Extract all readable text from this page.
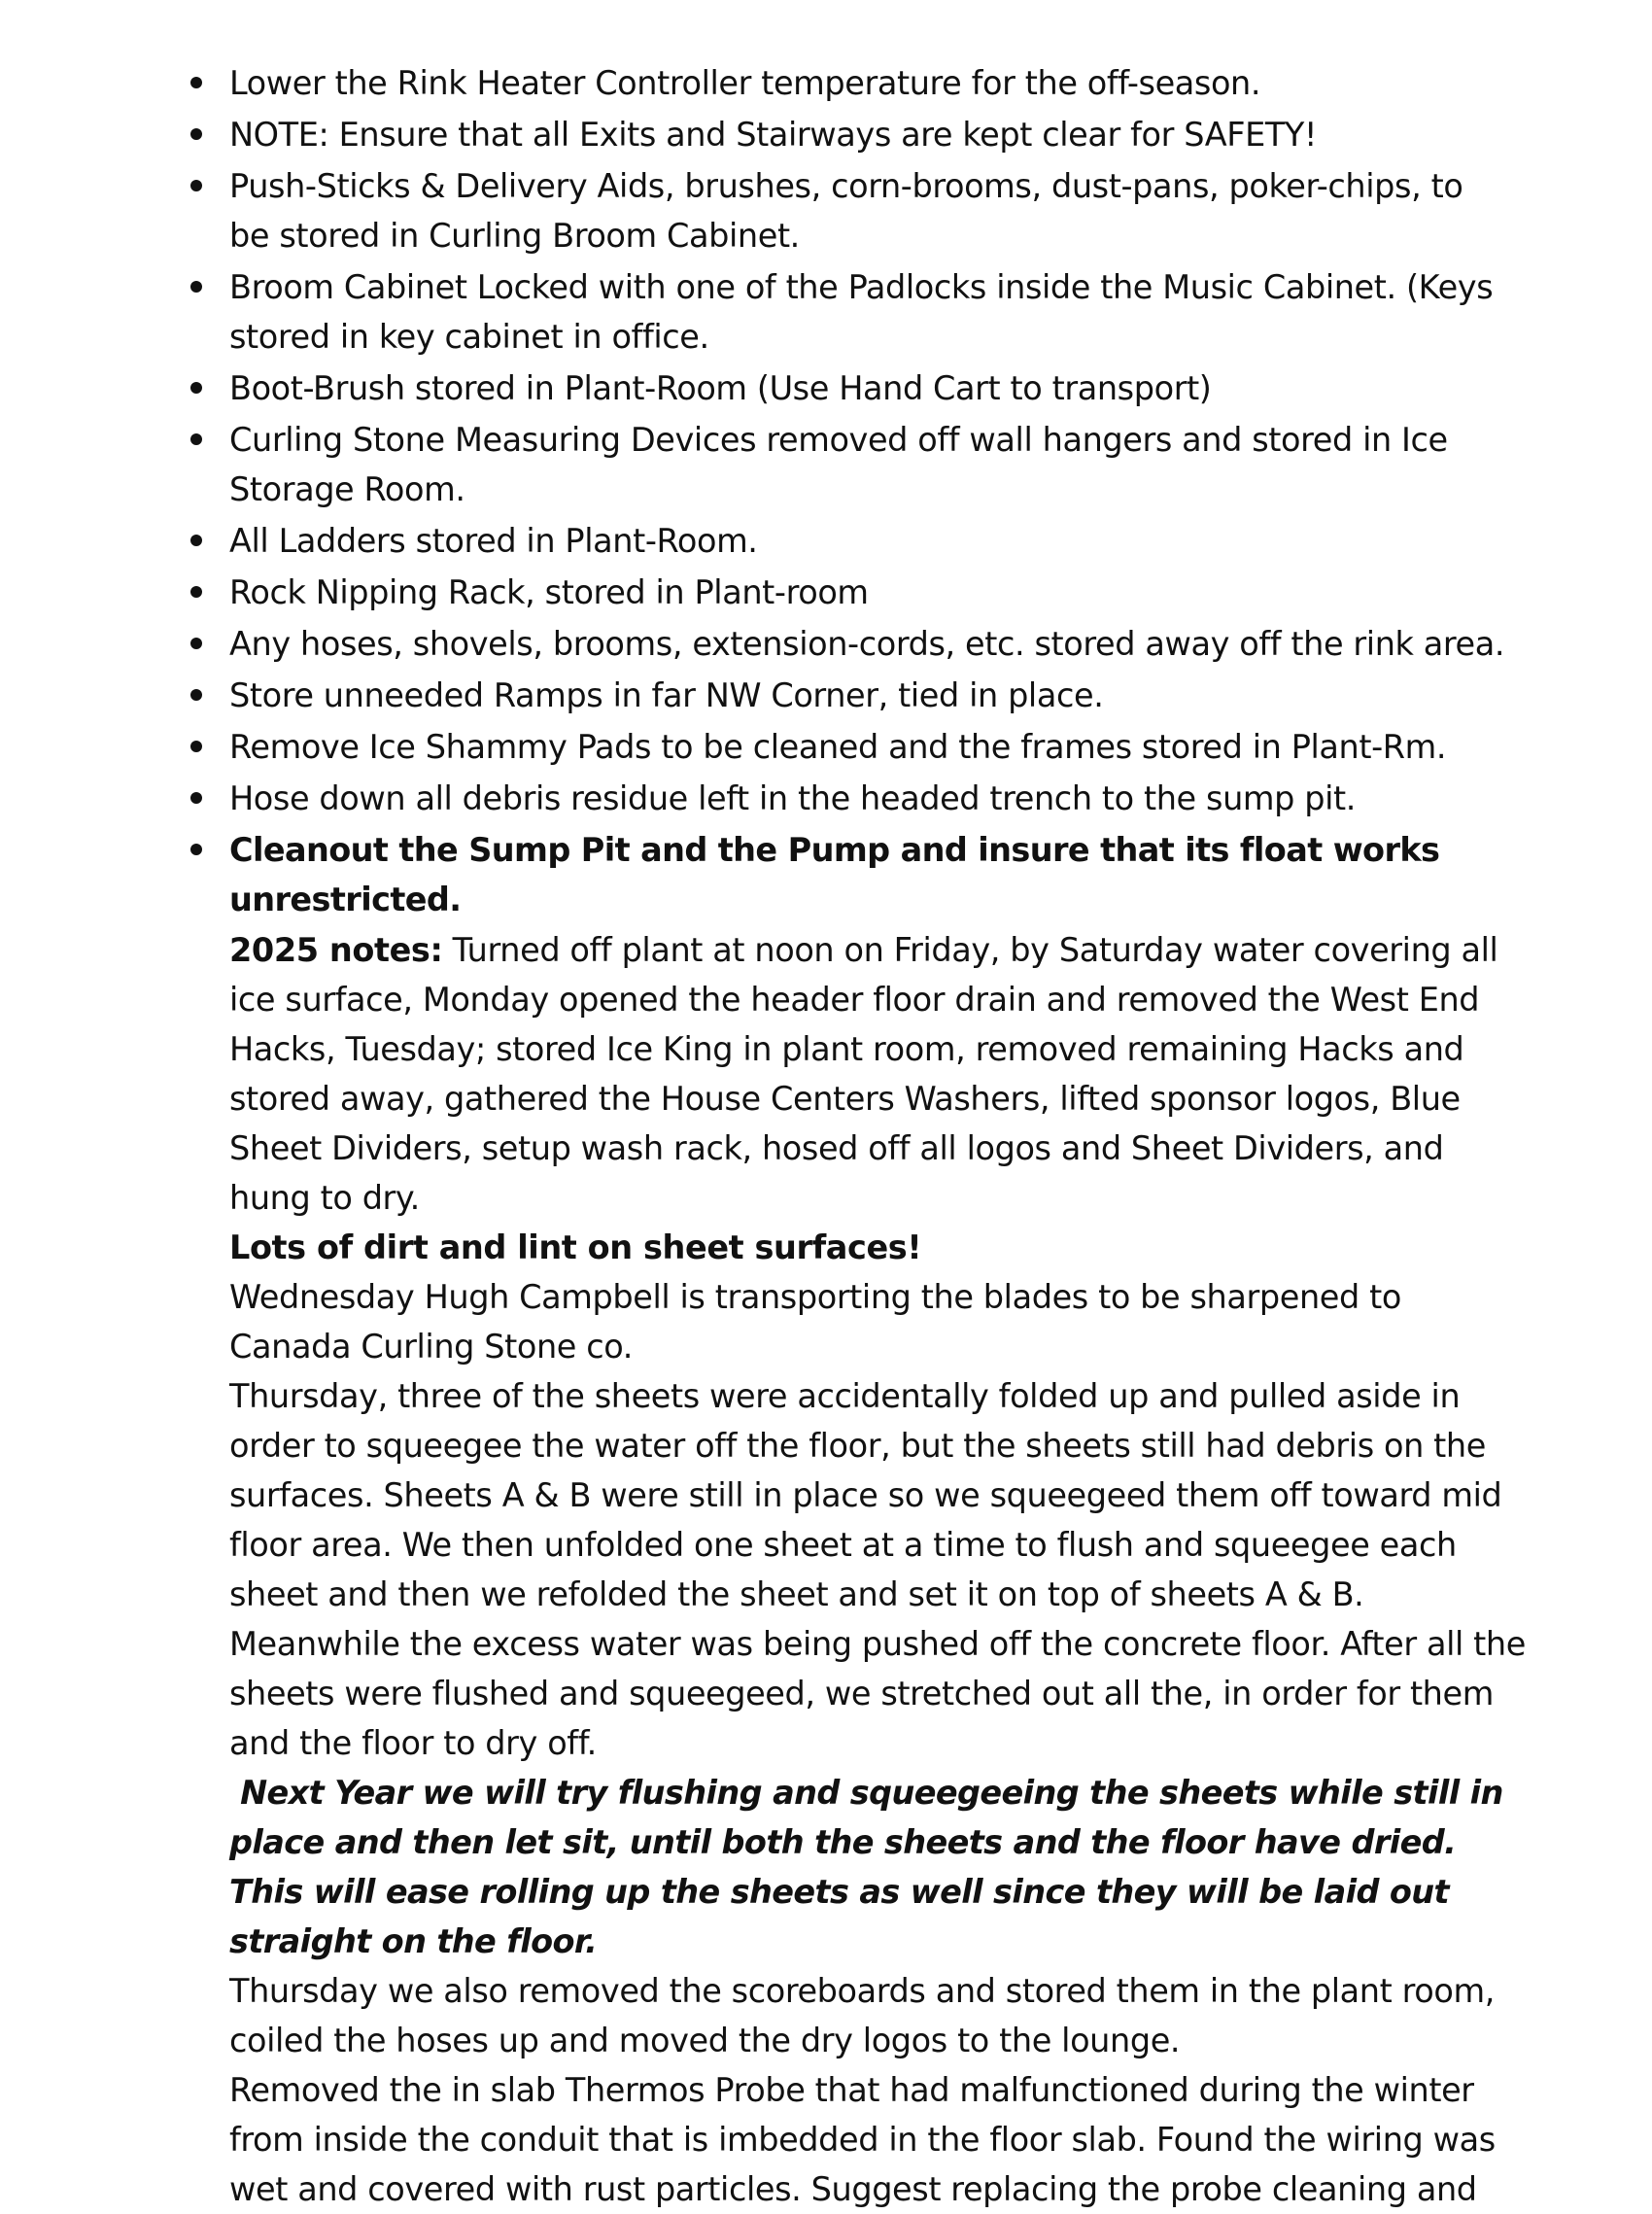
Lower the Rink Heater Controller temperature for the off-season.
NOTE: Ensure that all Exits and Stairways are kept clear for SAFETY!
Push-Sticks & Delivery Aids, brushes, corn-brooms, dust-pans, poker-chips, to be stored in Curling Broom Cabinet.
Broom Cabinet Locked with one of the Padlocks inside the Music Cabinet. (Keys stored in key cabinet in office.
Boot-Brush stored in Plant-Room (Use Hand Cart to transport)
Curling Stone Measuring Devices removed off wall hangers and stored in Ice Storage Room.
All Ladders stored in Plant-Room.
Rock Nipping Rack, stored in Plant-room
Any hoses, shovels, brooms, extension-cords, etc. stored away off the rink area.
Store unneeded Ramps in far NW Corner, tied in place.
Remove Ice Shammy Pads to be cleaned and the frames stored in Plant-Rm.
Hose down all debris residue left in the headed trench to the sump pit.
Cleanout the Sump Pit and the Pump and insure that its float works unrestricted.

2025 notes: Turned off plant at noon on Friday, by Saturday water covering all ice surface, Monday opened the header floor drain and removed the West End Hacks, Tuesday; stored Ice King in plant room, removed remaining Hacks and stored away, gathered the House Centers Washers, lifted sponsor logos, Blue Sheet Dividers, setup wash rack, hosed off all logos and Sheet Dividers, and hung to dry.

Lots of dirt and lint on sheet surfaces!

Wednesday Hugh Campbell is transporting the blades to be sharpened to Canada Curling Stone co.

Thursday, three of the sheets were accidentally folded up and pulled aside in order to squeegee the water off the floor, but the sheets still had debris on the surfaces. Sheets A & B were still in place so we squeegeed them off toward mid floor area. We then unfolded one sheet at a time to flush and squeegee each sheet and then we refolded the sheet and set it on top of sheets A & B. Meanwhile the excess water was being pushed off the concrete floor. After all the sheets were flushed and squeegeed, we stretched out all the, in order for them and the floor to dry off.

Next Year we will try flushing and squeegeeing the sheets while still in place and then let sit, until both the sheets and the floor have dried. This will ease rolling up the sheets as well since they will be laid out straight on the floor.

Thursday we also removed the scoreboards and stored them in the plant room, coiled the hoses up and moved the dry logos to the lounge.

Removed the in slab Thermos Probe that had malfunctioned during the winter from inside the conduit that is imbedded in the floor slab. Found the wiring was wet and covered with rust particles. Suggest replacing the probe cleaning and
